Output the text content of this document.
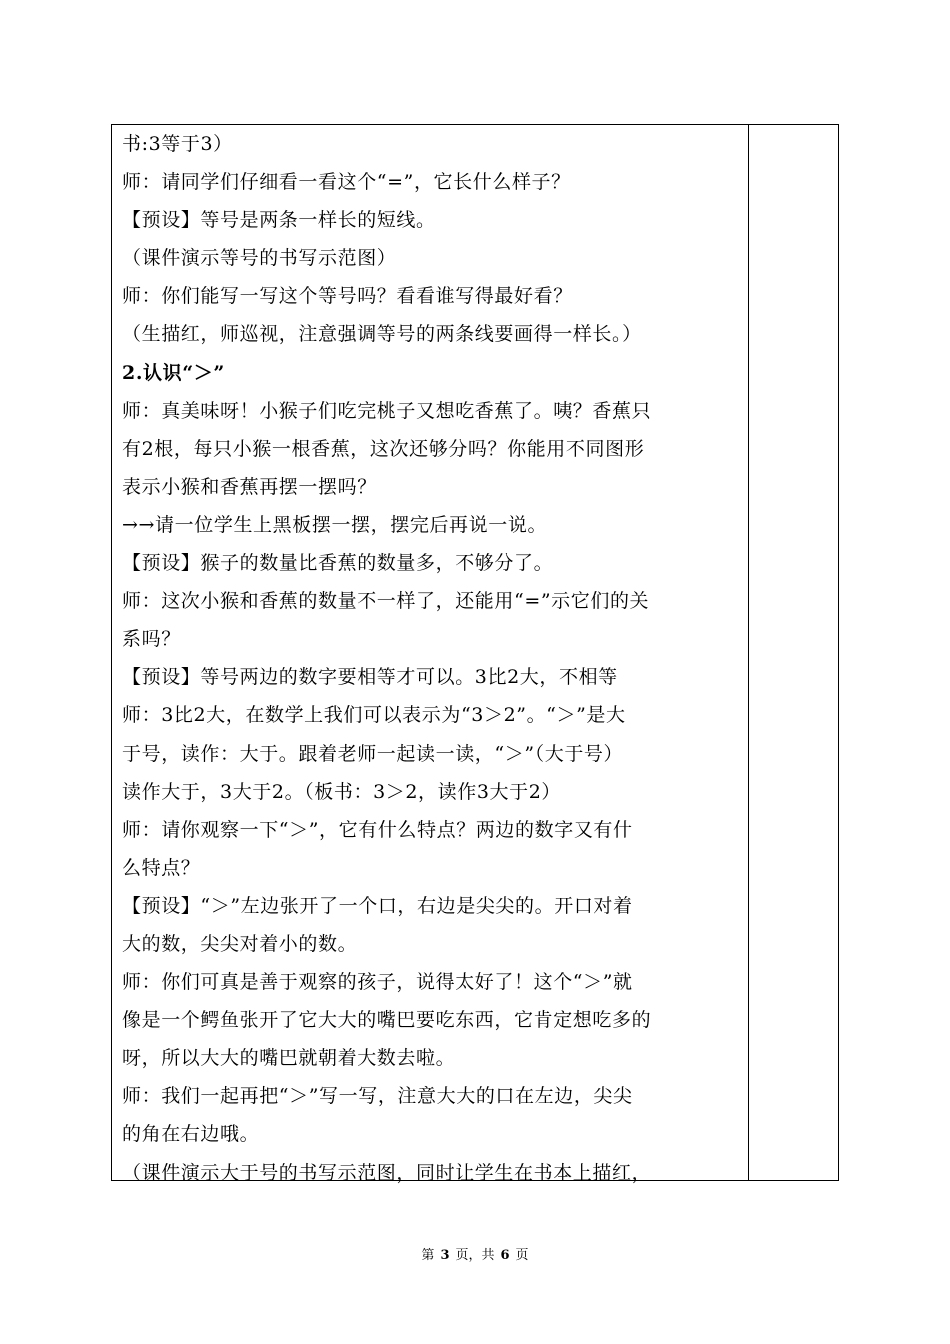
书:3等于3）
师：请同学们仔细看一看这个“=”，它长什么样子？
【预设】等号是两条一样长的短线。
（课件演示等号的书写示范图）
师：你们能写一写这个等号吗？看看谁写得最好看？
（生描红，师巡视，注意强调等号的两条线要画得一样长。）
2.认识“＞”
师：真美味呀！小猴子们吃完桃子又想吃香蕉了。咦？香蕉只
有2根，每只小猴一根香蕉，这次还够分吗？你能用不同图形
表示小猴和香蕉再摆一摆吗？
→→请一位学生上黑板摆一摆，摆完后再说一说。
【预设】猴子的数量比香蕉的数量多，不够分了。
师：这次小猴和香蕉的数量不一样了，还能用“=”示它们的关
系吗？
【预设】等号两边的数字要相等才可以。3比2大，不相等
师：3比2大，在数学上我们可以表示为“3＞2”。“＞”是大
于号，读作：大于。跟着老师一起读一读，“＞”（大于号）
读作大于，3大于2。（板书：3＞2，读作3大于2）
师：请你观察一下“＞”，它有什么特点？两边的数字又有什
么特点？
【预设】“＞”左边张开了一个口，右边是尖尖的。开口对着
大的数，尖尖对着小的数。
师：你们可真是善于观察的孩子，说得太好了！这个“＞”就
像是一个鳄鱼张开了它大大的嘴巴要吃东西，它肯定想吃多的
呀，所以大大的嘴巴就朝着大数去啦。
师：我们一起再把“＞”写一写，注意大大的口在左边，尖尖
的角在右边哦。
（课件演示大于号的书写示范图，同时让学生在书本上描红，
第 3 页，共 6 页
